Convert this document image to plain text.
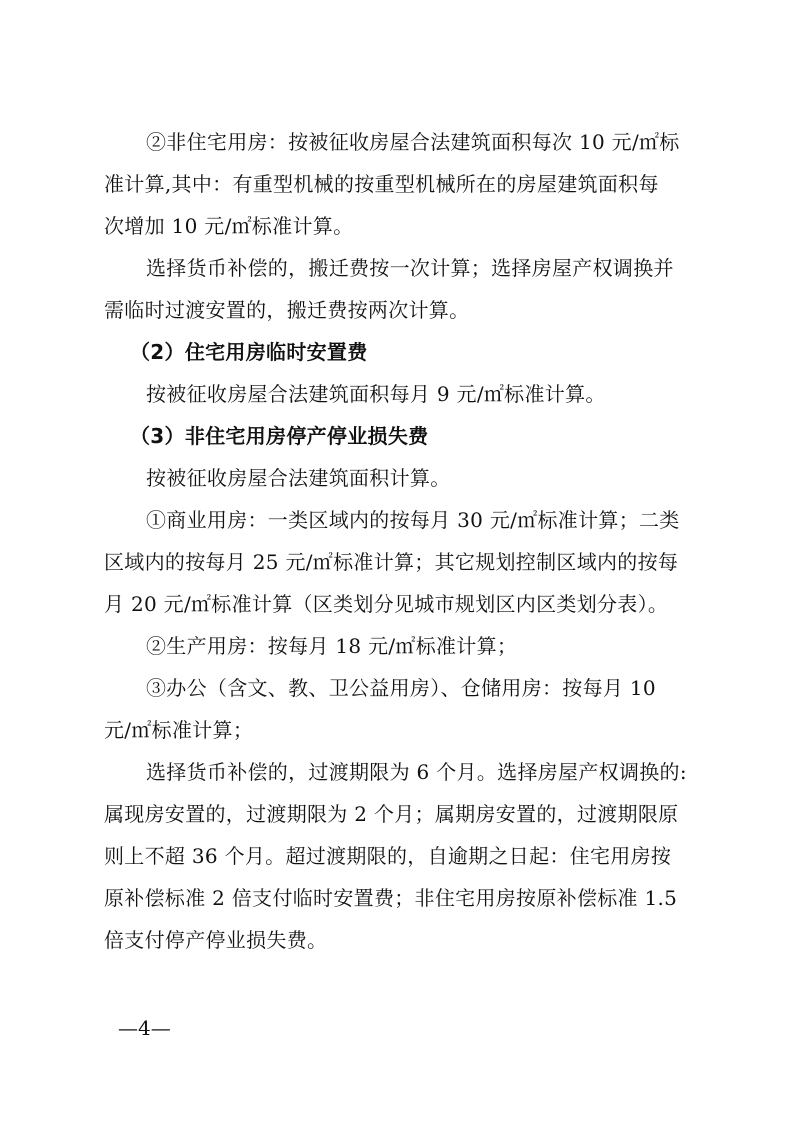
②非住宅用房：按被征收房屋合法建筑面积每次 10 元/㎡标
准计算,其中：有重型机械的按重型机械所在的房屋建筑面积每
次增加 10 元/㎡标准计算。
选择货币补偿的，搬迁费按一次计算；选择房屋产权调换并
需临时过渡安置的，搬迁费按两次计算。
（2）住宅用房临时安置费
按被征收房屋合法建筑面积每月 9 元/㎡标准计算。
（3）非住宅用房停产停业损失费
按被征收房屋合法建筑面积计算。
①商业用房：一类区域内的按每月 30 元/㎡标准计算；二类
区域内的按每月 25 元/㎡标准计算；其它规划控制区域内的按每
月 20 元/㎡标准计算（区类划分见城市规划区内区类划分表）。
②生产用房：按每月 18 元/㎡标准计算；
③办公（含文、教、卫公益用房）、仓储用房：按每月 10
元/㎡标准计算；
选择货币补偿的，过渡期限为 6 个月。选择房屋产权调换的:
属现房安置的，过渡期限为 2 个月；属期房安置的，过渡期限原
则上不超 36 个月。超过渡期限的，自逾期之日起：住宅用房按
原补偿标准 2 倍支付临时安置费；非住宅用房按原补偿标准 1.5
倍支付停产停业损失费。
—4—
